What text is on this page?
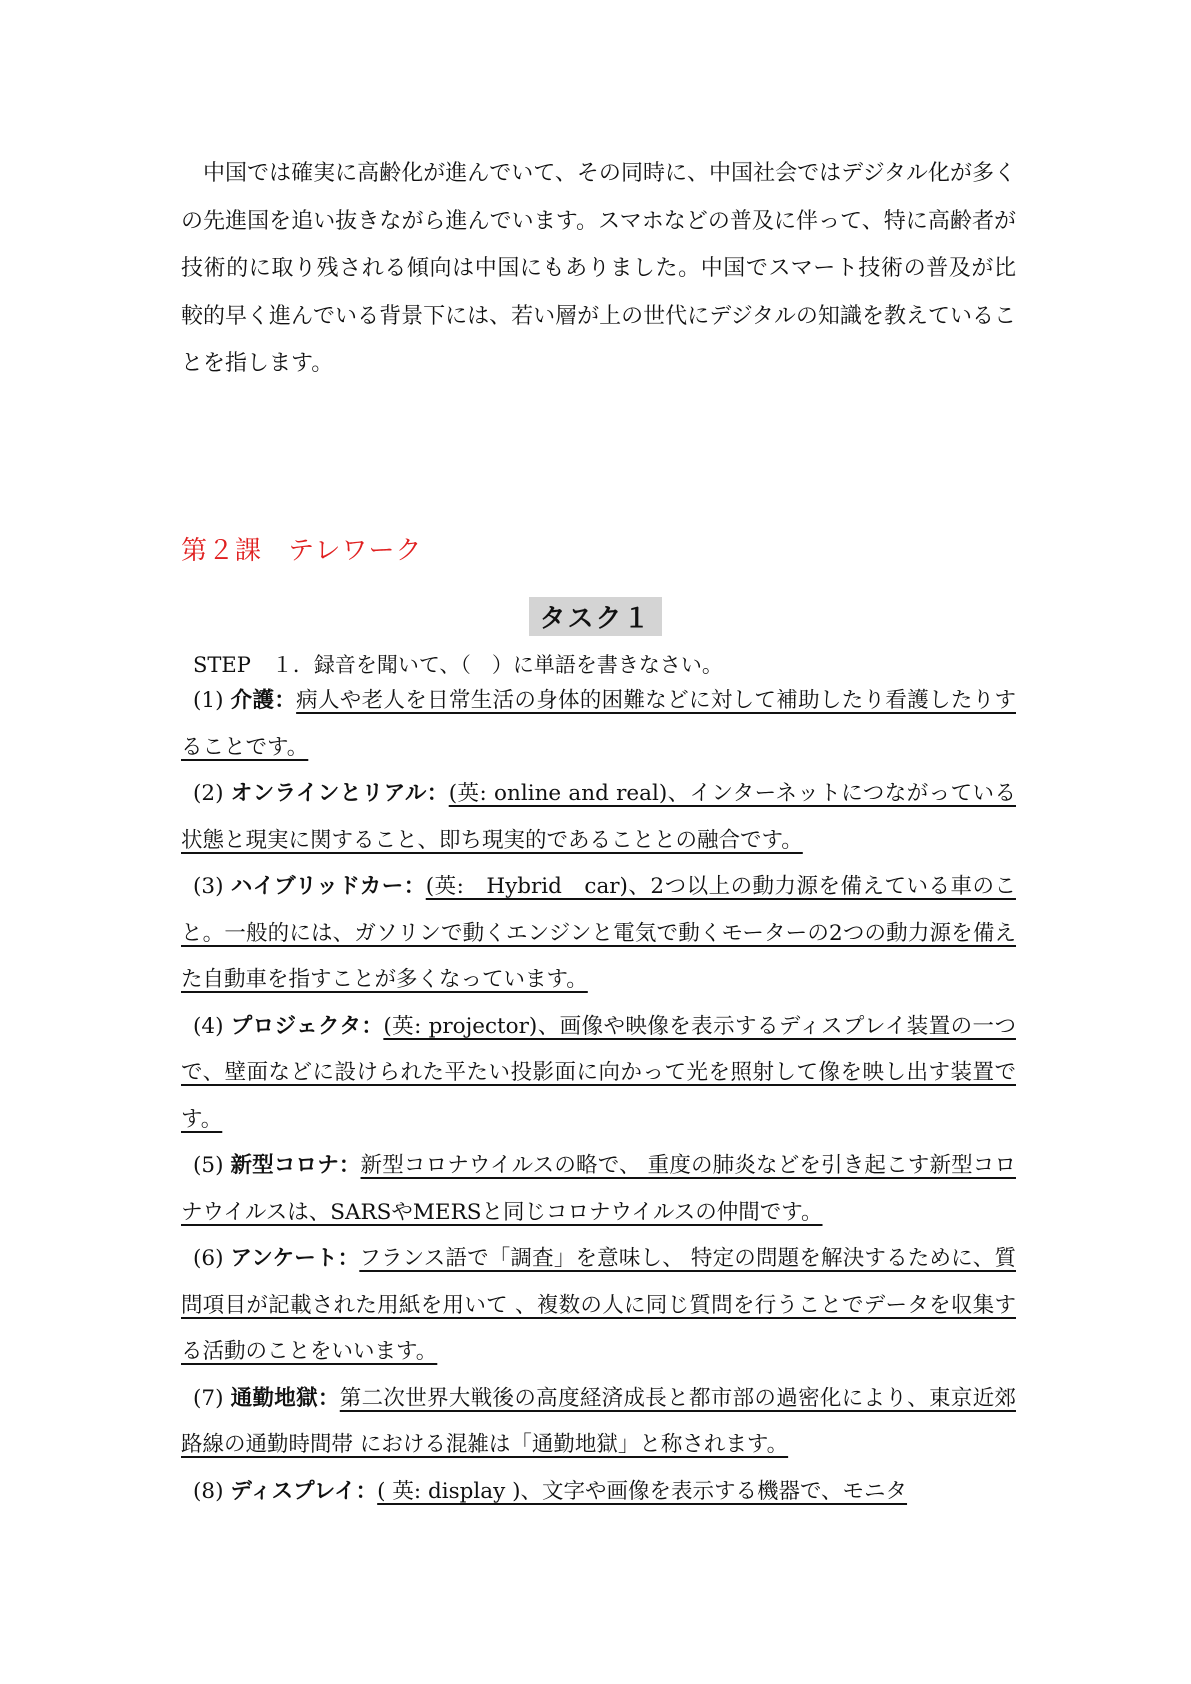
中国では確実に高齢化が進んでいて、その同時に、中国社会ではデジタル化が多くの先進国を追い抜きながら進んでいます。スマホなどの普及に伴って、特に高齢者が技術的に取り残される傾向は中国にもありました。中国でスマート技術の普及が比較的早く進んでいる背景下には、若い層が上の世代にデジタルの知識を教えていることを指します。

第２課 テレワーク
タスク１
STEP　１．録音を聞いて、（　）に単語を書きなさい。

(1) 介護：病人や老人を日常生活の身体的困難などに対して補助したり看護したりすることです。

(2) オンラインとリアル：(英: online and real)、インターネットにつながっている状態と現実に関すること、即ち現実的であることとの融合です。

(3) ハイブリッドカー：(英:　Hybrid　car)、2つ以上の動力源を備えている車のこと。一般的には、ガソリンで動くエンジンと電気で動くモーターの2つの動力源を備えた自動車を指すことが多くなっています。

(4) プロジェクタ：(英: projector)、画像や映像を表示するディスプレイ装置の一つで、壁面などに設けられた平たい投影面に向かって光を照射して像を映し出す装置です。

(5) 新型コロナ：新型コロナウイルスの略で、 重度の肺炎などを引き起こす新型コロナウイルスは、SARSやMERSと同じコロナウイルスの仲間です。

(6) アンケート：フランス語で「調査」を意味し、 特定の問題を解決するために、質問項目が記載された用紙を用いて 、複数の人に同じ質問を行うことでデータを収集する活動のことをいいます。

(7) 通勤地獄：第二次世界大戦後の高度経済成長と都市部の過密化により、東京近郊路線の通勤時間帯 における混雑は「通勤地獄」と称されます。

(8) ディスプレイ：( 英: display )、文字や画像を表示する機器で、モニタ
